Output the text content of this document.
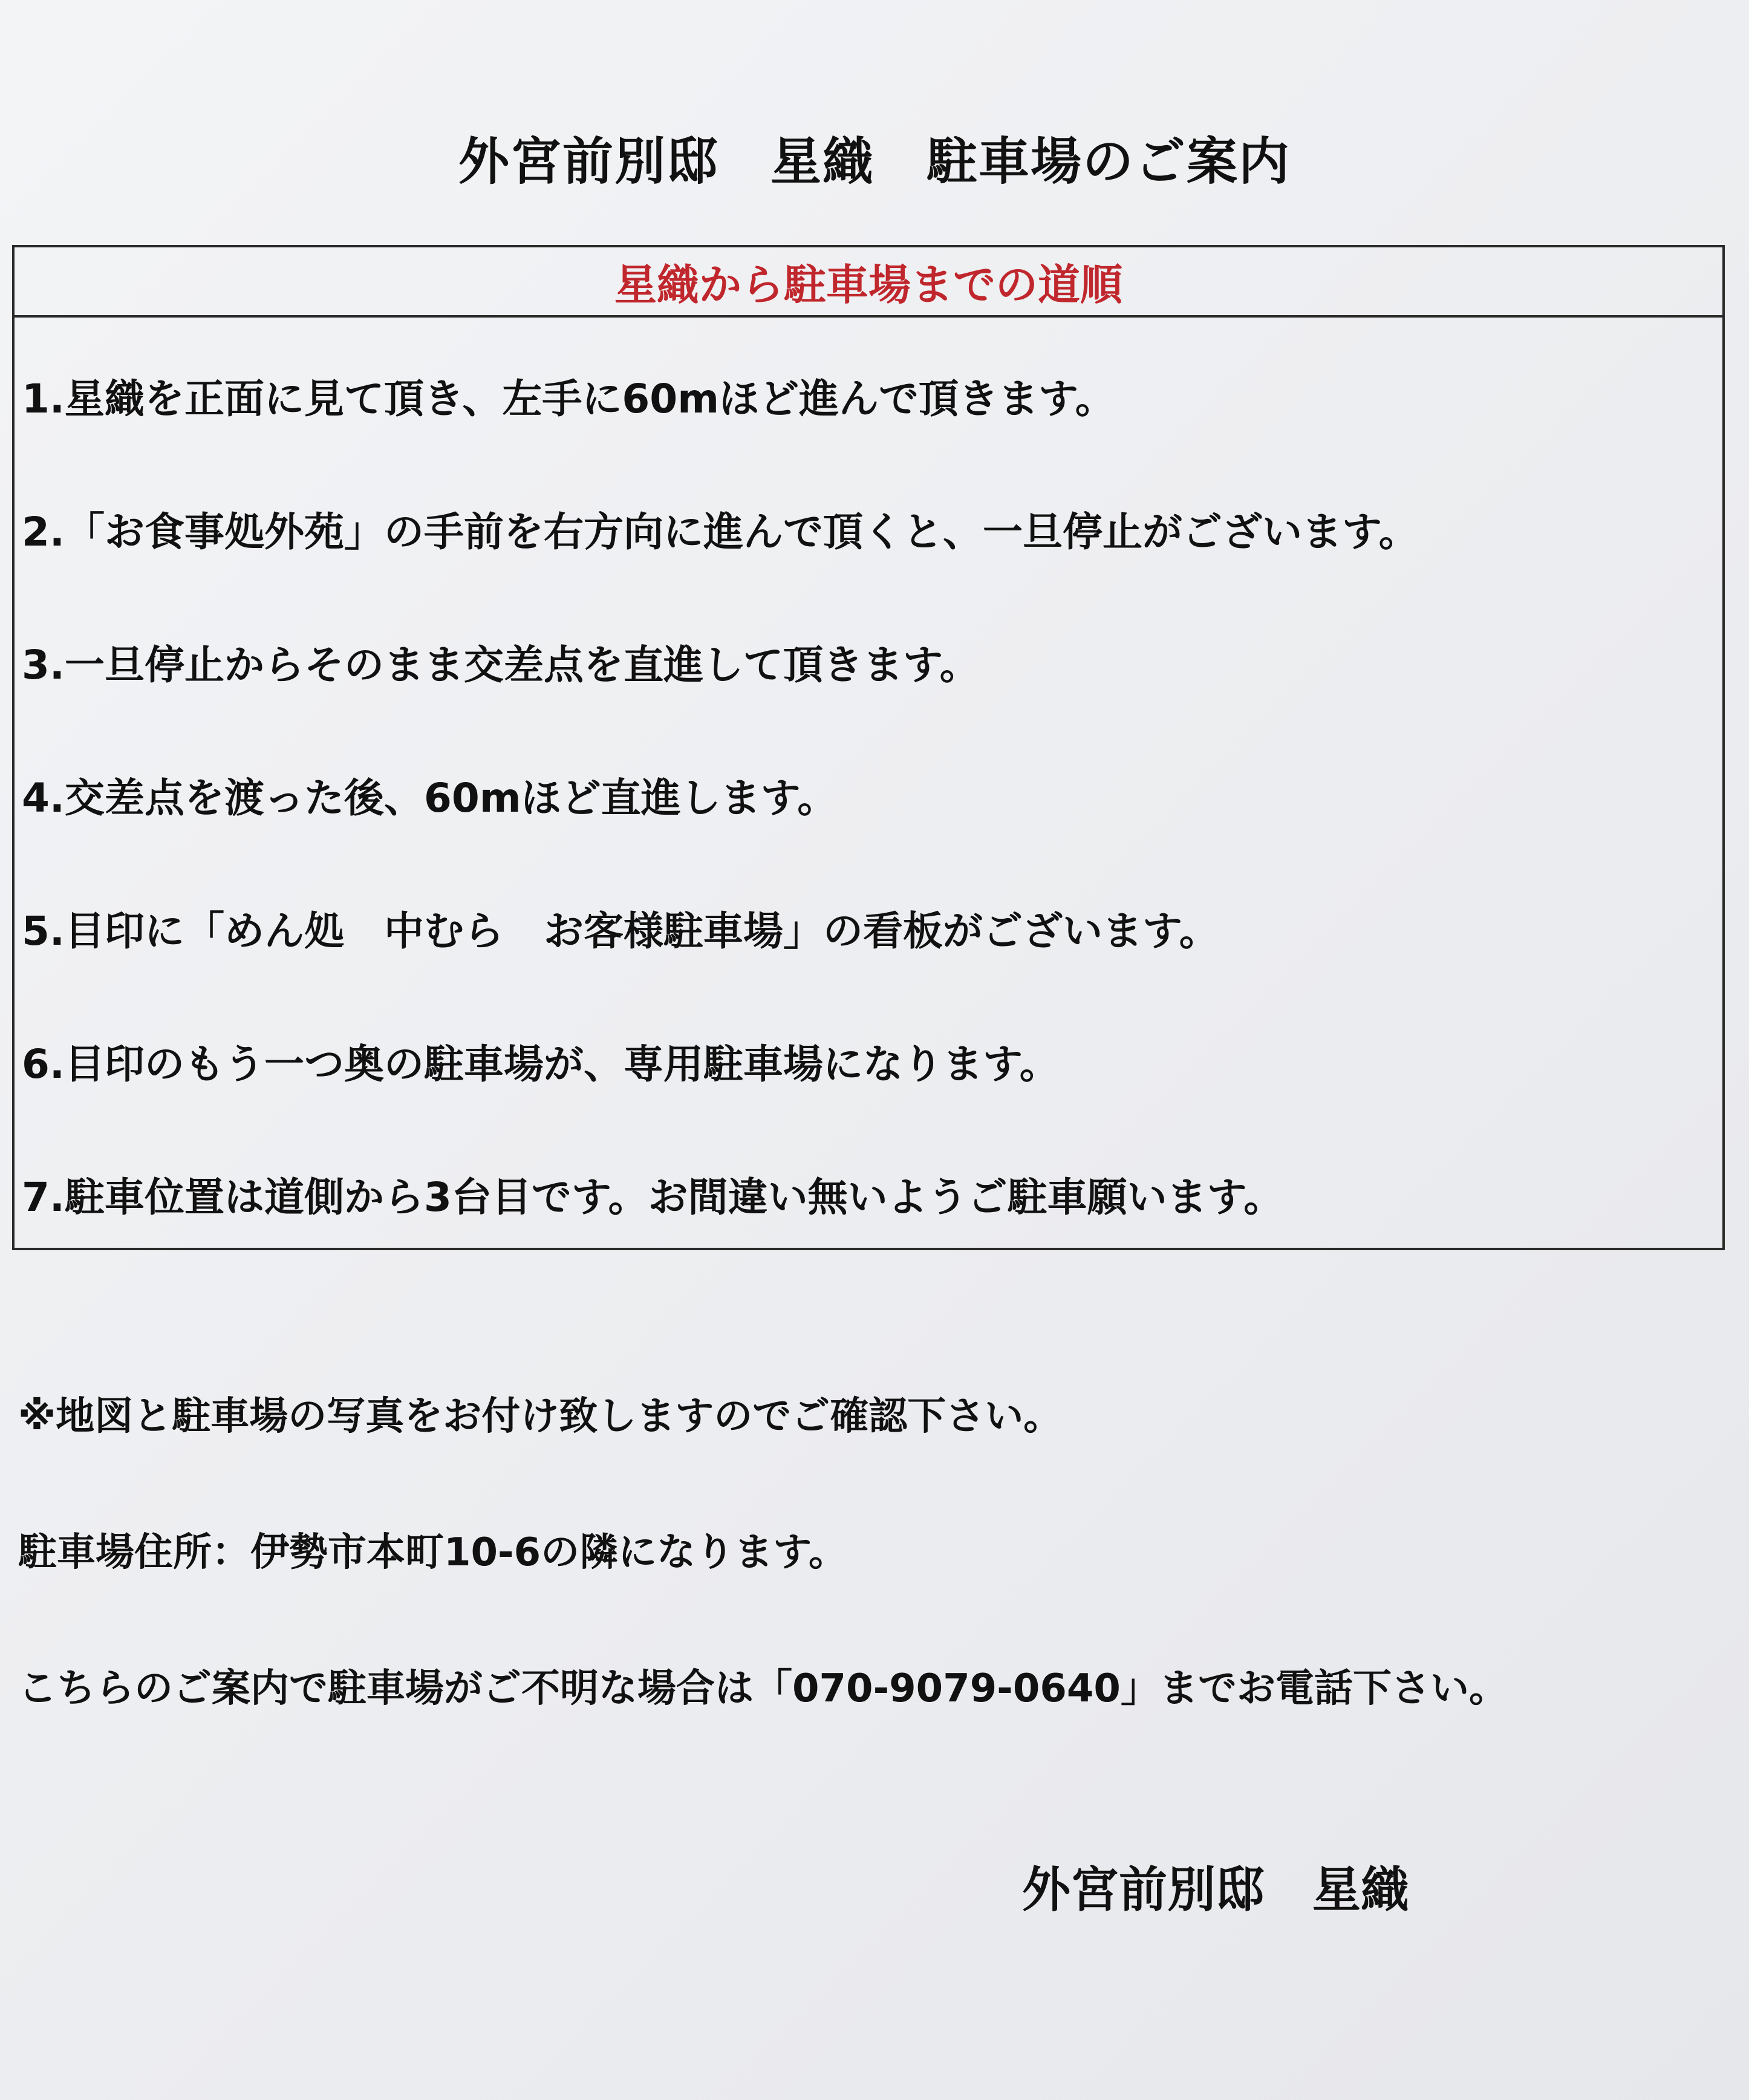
外宮前別邸　星織　駐車場のご案内
星織から駐車場までの道順
1.星織を正面に見て頂き、左手に60mほど進んで頂きます。
2.「お食事処外苑」の手前を右方向に進んで頂くと、一旦停止がございます。
3.一旦停止からそのまま交差点を直進して頂きます。
4.交差点を渡った後、60mほど直進します。
5.目印に「めん処　中むら　お客様駐車場」の看板がございます。
6.目印のもう一つ奥の駐車場が、専用駐車場になります。
7.駐車位置は道側から3台目です。お間違い無いようご駐車願います。
※地図と駐車場の写真をお付け致しますのでご確認下さい。
駐車場住所：伊勢市本町10-6の隣になります。
こちらのご案内で駐車場がご不明な場合は「070-9079-0640」までお電話下さい。
外宮前別邸　星織
